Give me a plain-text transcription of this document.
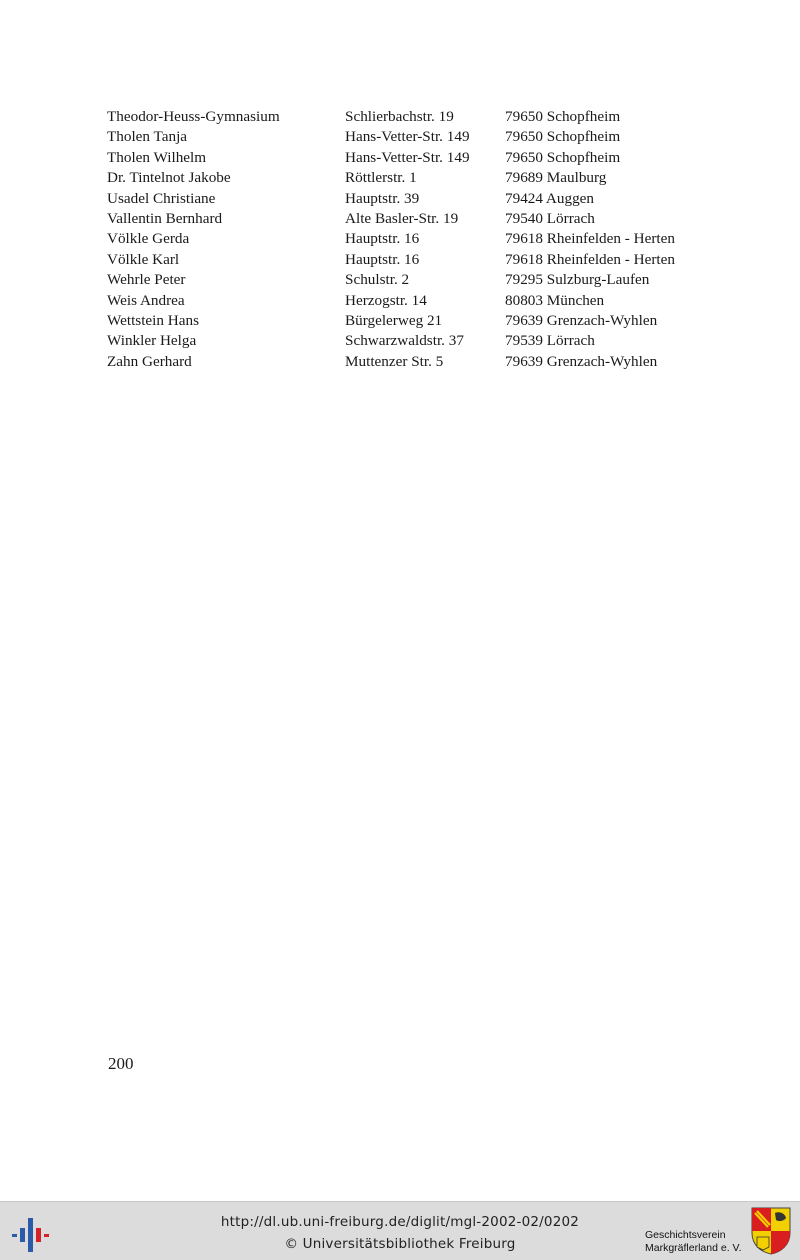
Theodor-Heuss-Gymnasium	Schlierbachstr. 19	79650 Schopfheim
Tholen Tanja	Hans-Vetter-Str. 149	79650 Schopfheim
Tholen Wilhelm	Hans-Vetter-Str. 149	79650 Schopfheim
Dr. Tintelnot Jakobe	Röttlerstr. 1	79689 Maulburg
Usadel Christiane	Hauptstr. 39	79424 Auggen
Vallentin Bernhard	Alte Basler-Str. 19	79540 Lörrach
Völkle Gerda	Hauptstr. 16	79618 Rheinfelden - Herten
Völkle Karl	Hauptstr. 16	79618 Rheinfelden - Herten
Wehrle Peter	Schulstr. 2	79295 Sulzburg-Laufen
Weis Andrea	Herzogstr. 14	80803 München
Wettstein Hans	Bürgelerweg 21	79639 Grenzach-Wyhlen
Winkler Helga	Schwarzwaldstr. 37	79539 Lörrach
Zahn Gerhard	Muttenzer Str. 5	79639 Grenzach-Wyhlen
200
http://dl.ub.uni-freiburg.de/diglit/mgl-2002-02/0202
© Universitätsbibliothek Freiburg
Geschichtsverein
Markgräflerland e. V.
